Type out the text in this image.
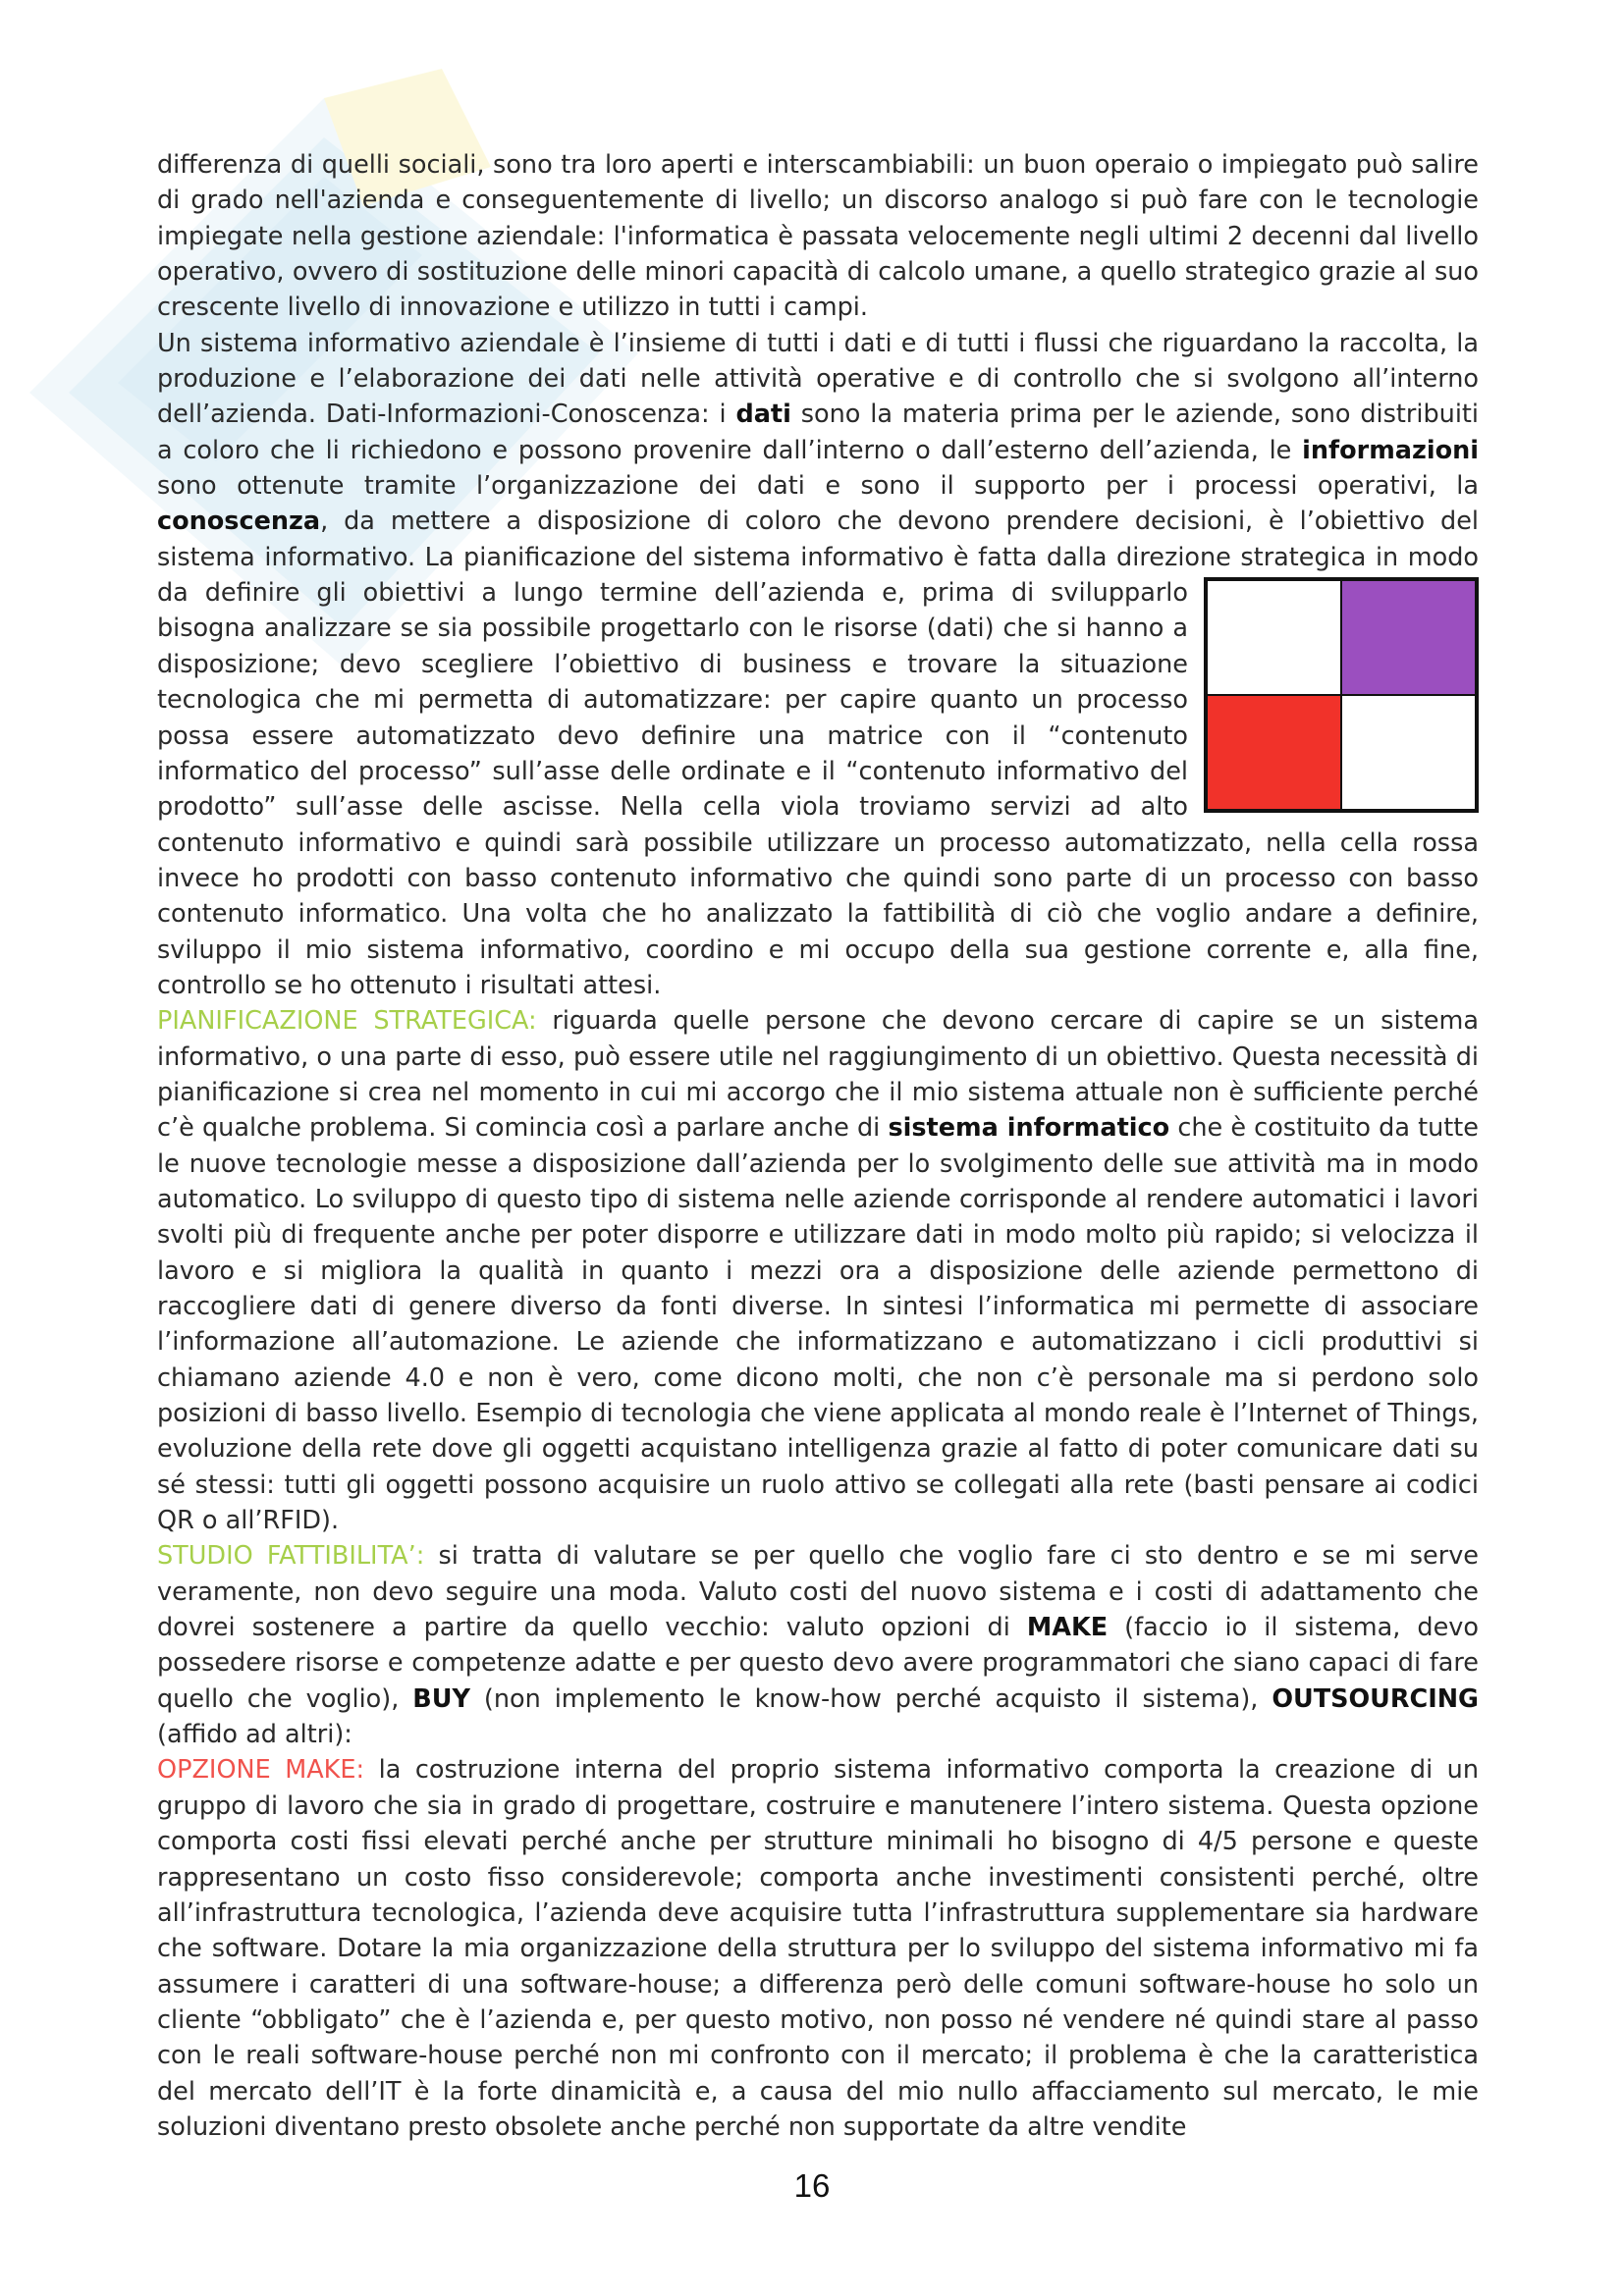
differenza di quelli sociali, sono tra loro aperti e interscambiabili: un buon operaio o impiegato può salire di grado nell'azienda e conseguentemente di livello; un discorso analogo si può fare con le tecnologie impiegate nella gestione aziendale: l'informatica è passata velocemente negli ultimi 2 decenni dal livello operativo, ovvero di sostituzione delle minori capacità di calcolo umane, a quello strategico grazie al suo crescente livello di innovazione e utilizzo in tutti i campi.

Un sistema informativo aziendale è l’insieme di tutti i dati e di tutti i flussi che riguardano la raccolta, la produzione e l’elaborazione dei dati nelle attività operative e di controllo che si svolgono all’interno dell’azienda. Dati-Informazioni-Conoscenza: i dati sono la materia prima per le aziende, sono distribuiti a coloro che li richiedono e possono provenire dall’interno o dall’esterno dell’azienda, le informazioni sono ottenute tramite l’organizzazione dei dati e sono il supporto per i processi operativi, la conoscenza, da mettere a disposizione di coloro che devono prendere decisioni, è l’obiettivo del sistema informativo. La pianificazione del sistema informativo è fatta dalla direzione strategica in modo da definire gli obiettivi a lungo termine dell’azienda e, prima di
svilupparlo bisogna analizzare se sia possibile progettarlo con le risorse (dati) che si hanno a disposizione; devo scegliere l’obiettivo di business e trovare la situazione tecnologica che mi permetta di automatizzare: per capire quanto un processo possa essere automatizzato devo definire una matrice con il “contenuto informatico del processo” sull’asse delle ordinate e il “contenuto informativo del prodotto” sull’asse delle ascisse. Nella cella viola troviamo servizi ad alto contenuto informativo e quindi sarà possibile utilizzare un processo automatizzato, nella cella rossa invece ho prodotti con basso contenuto informativo che quindi sono parte di un processo con basso contenuto informatico. Una volta che ho analizzato la fattibilità di ciò che voglio andare a definire, sviluppo il mio sistema informativo, coordino e mi occupo della sua gestione corrente e, alla fine, controllo se ho ottenuto i risultati attesi.

PIANIFICAZIONE STRATEGICA: riguarda quelle persone che devono cercare di capire se un sistema informativo, o una parte di esso, può essere utile nel raggiungimento di un obiettivo. Questa necessità di pianificazione si crea nel momento in cui mi accorgo che il mio sistema attuale non è sufficiente perché c’è qualche problema. Si comincia così a parlare anche di sistema informatico che è costituito da tutte le nuove tecnologie messe a disposizione dall’azienda per lo svolgimento delle sue attività ma in modo automatico. Lo sviluppo di questo tipo di sistema nelle aziende corrisponde al rendere automatici i lavori svolti più di frequente anche per poter disporre e utilizzare dati in modo molto più rapido; si velocizza il lavoro e si migliora la qualità in quanto i mezzi ora a disposizione delle aziende permettono di raccogliere dati di genere diverso da fonti diverse. In sintesi l’informatica mi permette di associare l’informazione all’automazione. Le aziende che informatizzano e automatizzano i cicli produttivi si chiamano aziende 4.0 e non è vero, come dicono molti, che non c’è personale ma si perdono solo posizioni di basso livello. Esempio di tecnologia che viene applicata al mondo reale è l’Internet of Things, evoluzione della rete dove gli oggetti acquistano intelligenza grazie al fatto di poter comunicare dati su sé stessi: tutti gli oggetti possono acquisire un ruolo attivo se collegati alla rete (basti pensare ai codici QR o all’RFID).

STUDIO FATTIBILITA’: si tratta di valutare se per quello che voglio fare ci sto dentro e se mi serve veramente, non devo seguire una moda. Valuto costi del nuovo sistema e i costi di adattamento che dovrei sostenere a partire da quello vecchio: valuto opzioni di MAKE (faccio io il sistema, devo possedere risorse e competenze adatte e per questo devo avere programmatori che siano capaci di fare quello che voglio), BUY (non implemento le know-how perché acquisto il sistema), OUTSOURCING (affido ad altri):

OPZIONE MAKE: la costruzione interna del proprio sistema informativo comporta la creazione di un gruppo di lavoro che sia in grado di progettare, costruire e manutenere l’intero sistema. Questa opzione comporta costi fissi elevati perché anche per strutture minimali ho bisogno di 4/5 persone e queste rappresentano un costo fisso considerevole; comporta anche investimenti consistenti perché, oltre all’infrastruttura tecnologica, l’azienda deve acquisire tutta l’infrastruttura supplementare sia hardware che software. Dotare la mia organizzazione della struttura per lo sviluppo del sistema informativo mi fa assumere i caratteri di una software-house; a differenza però delle comuni software-house ho solo un cliente “obbligato” che è l’azienda e, per questo motivo, non posso né vendere né quindi stare al passo con le reali software-house perché non mi confronto con il mercato; il problema è che la caratteristica del mercato dell’IT è la forte dinamicità e, a causa del mio nullo affacciamento sul mercato, le mie soluzioni diventano presto obsolete anche perché non supportate da altre vendite

16
